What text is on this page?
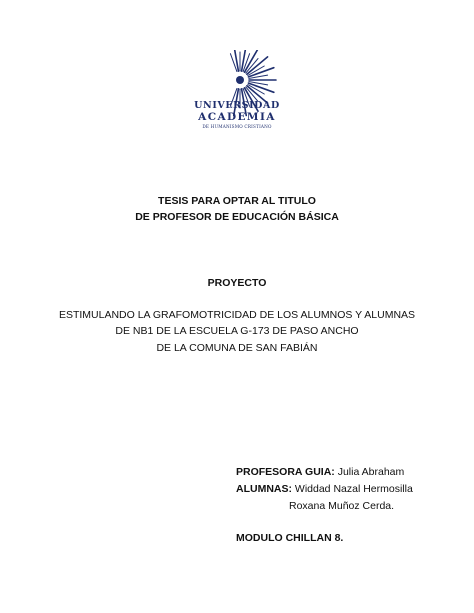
UNIVERSIDAD
ACADEMIA
DE HUMANISMO CRISTIANO
TESIS PARA OPTAR AL TITULO
DE PROFESOR DE EDUCACIÓN BÁSICA
PROYECTO
ESTIMULANDO LA GRAFOMOTRICIDAD DE LOS ALUMNOS Y ALUMNAS
DE NB1 DE LA ESCUELA G-173 DE PASO ANCHO
DE LA COMUNA DE SAN FABIÁN
PROFESORA GUIA: Julia Abraham
ALUMNAS: Widdad Nazal Hermosilla
Roxana Muñoz Cerda.
MODULO CHILLAN 8.
